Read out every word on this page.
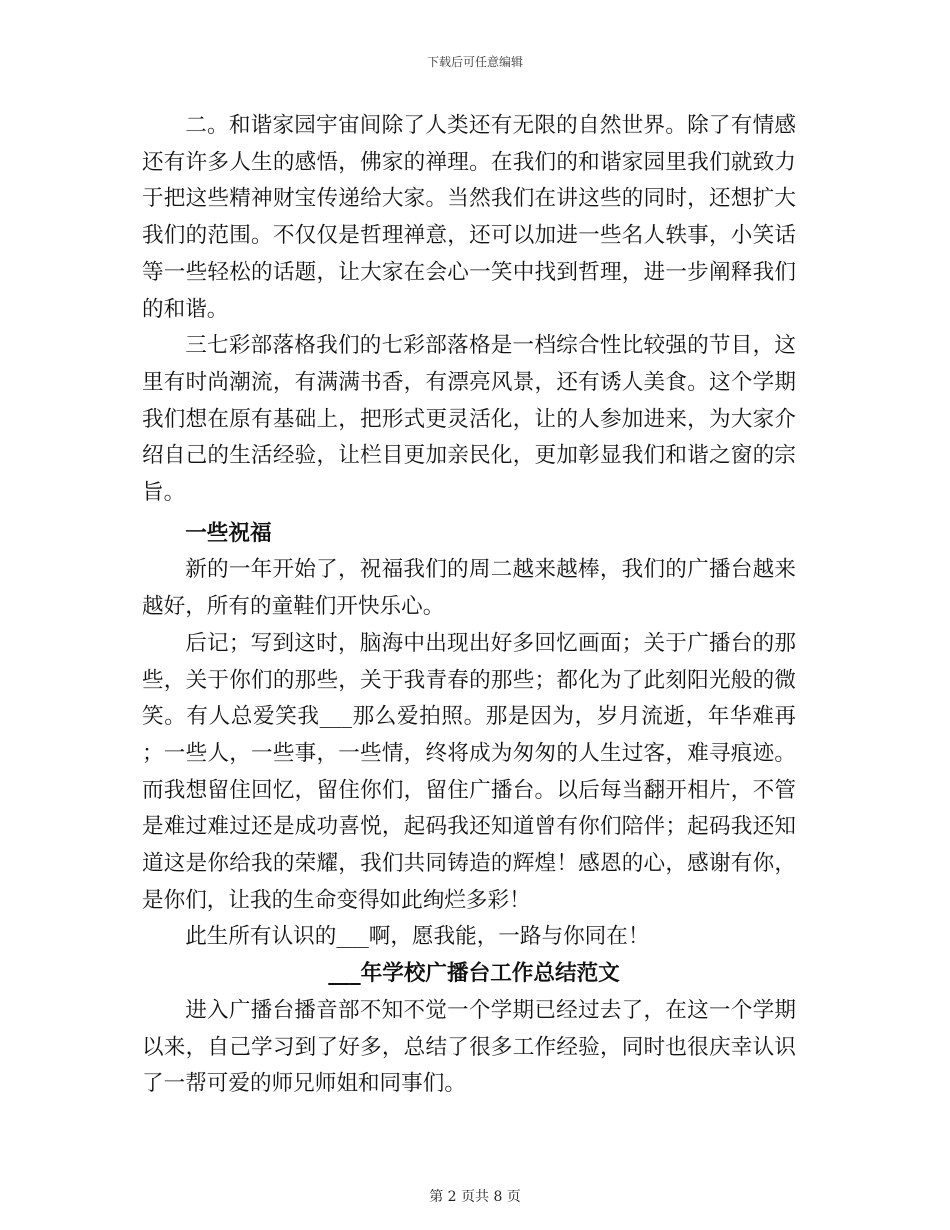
下载后可任意编辑

二。和谐家园宇宙间除了人类还有无限的自然世界。除了有情感还有许多人生的感悟，佛家的禅理。在我们的和谐家园里我们就致力于把这些精神财宝传递给大家。当然我们在讲这些的同时，还想扩大我们的范围。不仅仅是哲理禅意，还可以加进一些名人轶事，小笑话等一些轻松的话题，让大家在会心一笑中找到哲理，进一步阐释我们的和谐。

三七彩部落格我们的七彩部落格是一档综合性比较强的节目，这里有时尚潮流，有满满书香，有漂亮风景，还有诱人美食。这个学期我们想在原有基础上，把形式更灵活化，让的人参加进来，为大家介绍自己的生活经验，让栏目更加亲民化，更加彰显我们和谐之窗的宗旨。

一些祝福

新的一年开始了，祝福我们的周二越来越棒，我们的广播台越来越好，所有的童鞋们开快乐心。

后记；写到这时，脑海中出现出好多回忆画面；关于广播台的那些，关于你们的那些，关于我青春的那些；都化为了此刻阳光般的微笑。有人总爱笑我___那么爱拍照。那是因为，岁月流逝，年华难再；一些人，一些事，一些情，终将成为匆匆的人生过客，难寻痕迹。而我想留住回忆，留住你们，留住广播台。以后每当翻开相片，不管是难过难过还是成功喜悦，起码我还知道曾有你们陪伴；起码我还知道这是你给我的荣耀，我们共同铸造的辉煌！感恩的心，感谢有你，是你们，让我的生命变得如此绚烂多彩！

此生所有认识的___啊，愿我能，一路与你同在！

___年学校广播台工作总结范文

进入广播台播音部不知不觉一个学期已经过去了，在这一个学期以来，自己学习到了好多，总结了很多工作经验，同时也很庆幸认识了一帮可爱的师兄师姐和同事们。

第 2 页共 8 页
